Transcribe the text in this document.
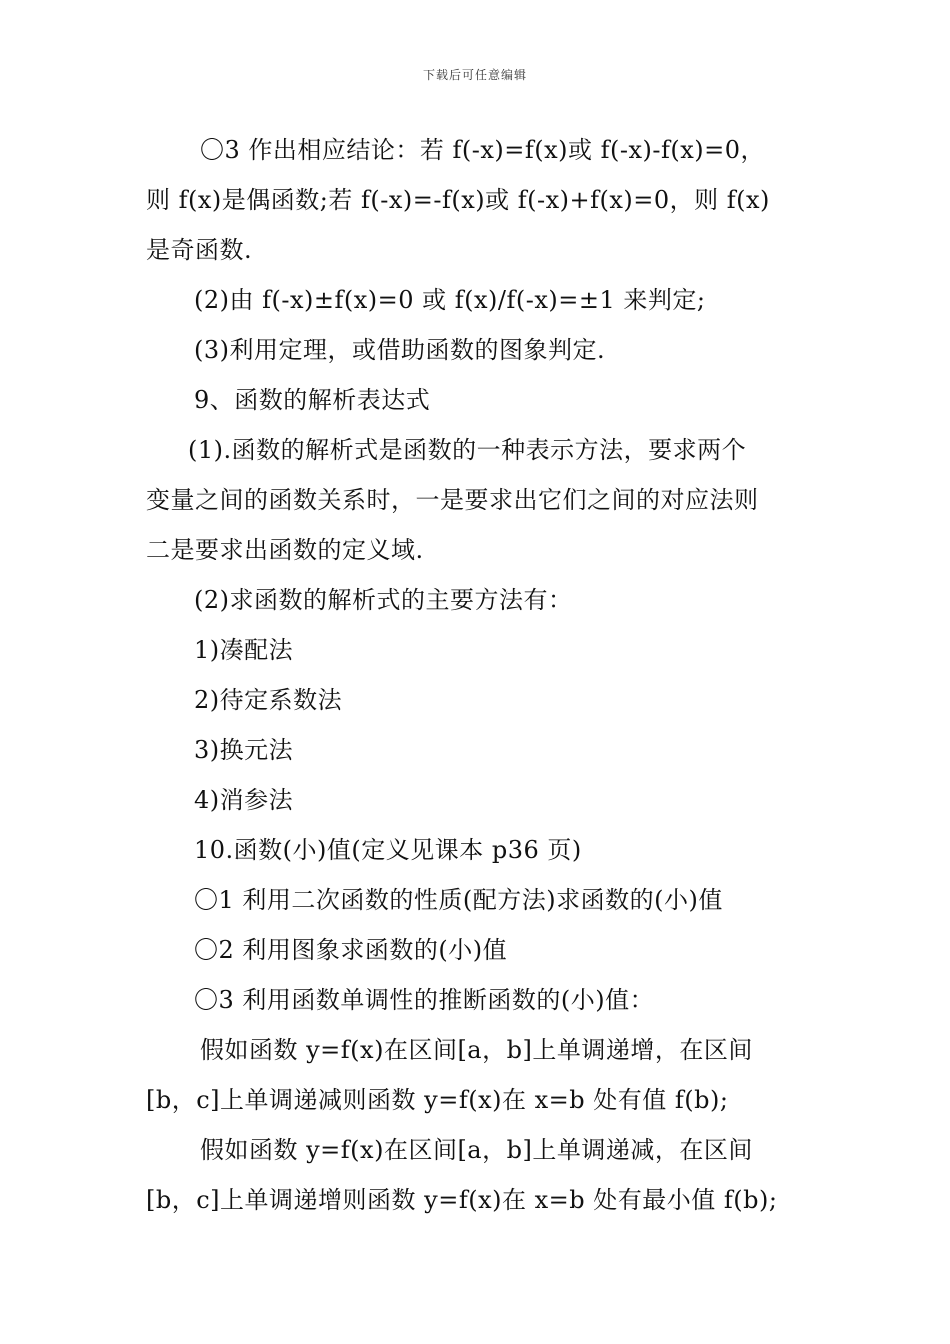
下载后可任意编辑
〇3 作出相应结论：若 f(-x)=f(x)或 f(-x)-f(x)=0，
则 f(x)是偶函数;若 f(-x)=-f(x)或 f(-x)+f(x)=0，则 f(x)
是奇函数.
(2)由 f(-x)±f(x)=0 或 f(x)/f(-x)=±1 来判定;
(3)利用定理，或借助函数的图象判定.
9、函数的解析表达式
(1).函数的解析式是函数的一种表示方法，要求两个
变量之间的函数关系时，一是要求出它们之间的对应法则
二是要求出函数的定义域.
(2)求函数的解析式的主要方法有：
1)凑配法
2)待定系数法
3)换元法
4)消参法
10.函数(小)值(定义见课本 p36 页)
〇1 利用二次函数的性质(配方法)求函数的(小)值
〇2 利用图象求函数的(小)值
〇3 利用函数单调性的推断函数的(小)值：
假如函数 y=f(x)在区间[a，b]上单调递增，在区间
[b，c]上单调递减则函数 y=f(x)在 x=b 处有值 f(b);
假如函数 y=f(x)在区间[a，b]上单调递减，在区间
[b，c]上单调递增则函数 y=f(x)在 x=b 处有最小值 f(b);
